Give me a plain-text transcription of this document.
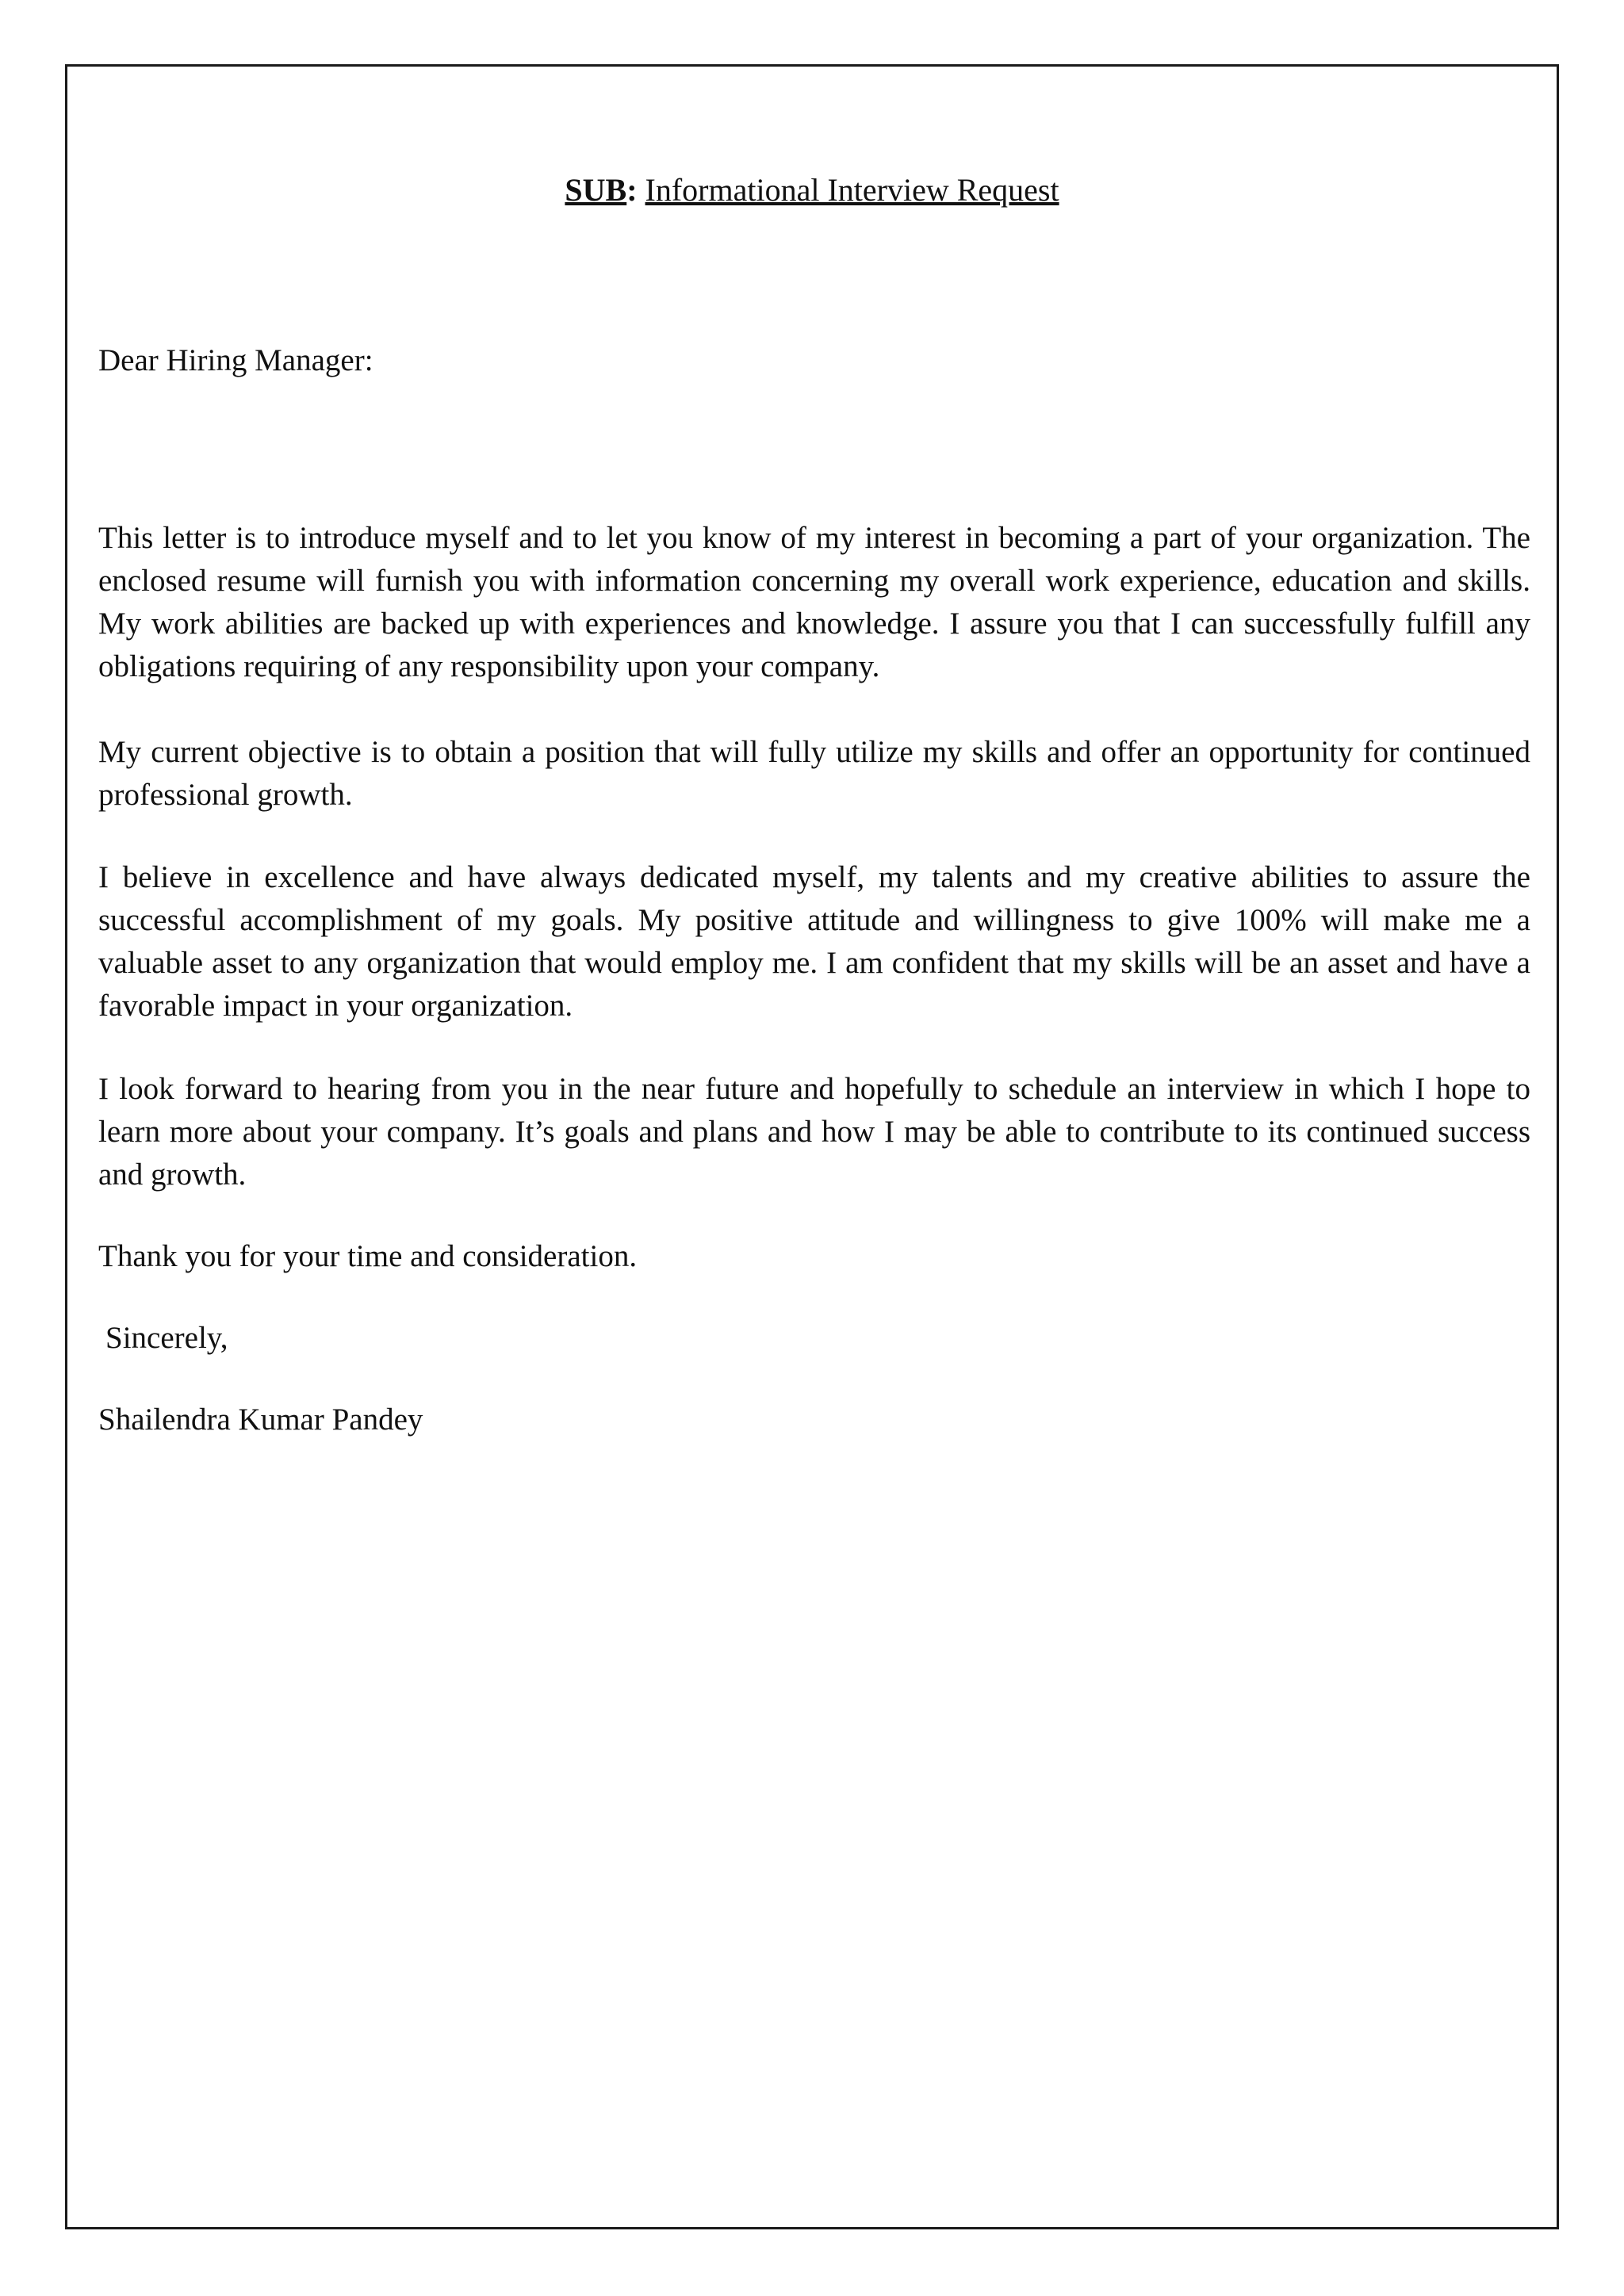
SUB: Informational Interview Request
Dear Hiring Manager:

This letter is to introduce myself and to let you know of my interest in becoming a part of your organization. The enclosed resume will furnish you with information concerning my overall work experience, education and skills. My work abilities are backed up with experiences and knowledge. I assure you that I can successfully fulfill any obligations requiring of any responsibility upon your company.

My current objective is to obtain a position that will fully utilize my skills and offer an opportunity for continued professional growth.

I believe in excellence and have always dedicated myself, my talents and my creative abilities to assure the successful accomplishment of my goals. My positive attitude and willingness to give 100% will make me a valuable asset to any organization that would employ me. I am confident that my skills will be an asset and have a favorable impact in your organization.

I look forward to hearing from you in the near future and hopefully to schedule an interview in which I hope to learn more about your company. It’s goals and plans and how I may be able to contribute to its continued success and growth.

Thank you for your time and consideration.
Sincerely,
Shailendra Kumar Pandey
